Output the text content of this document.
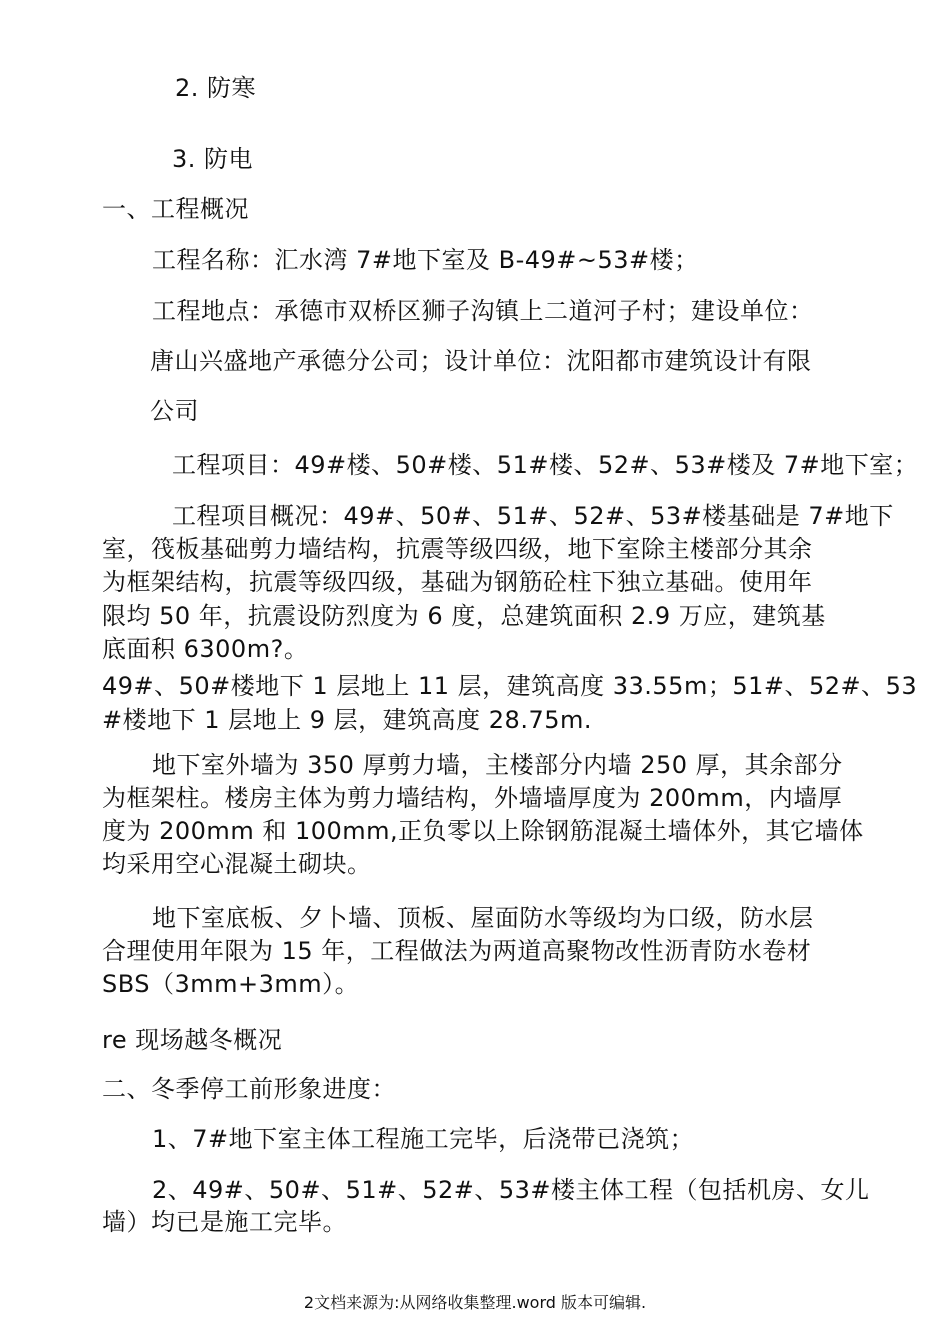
2. 防寒
3. 防电
一、工程概况
工程名称：汇水湾 7#地下室及 B-49#~53#楼；
工程地点：承德市双桥区狮子沟镇上二道河子村；建设单位：
唐山兴盛地产承德分公司；设计单位：沈阳都市建筑设计有限
公司
工程项目：49#楼、50#楼、51#楼、52#、53#楼及 7#地下室；
工程项目概况：49#、50#、51#、52#、53#楼基础是 7#地下
室，筏板基础剪力墙结构，抗震等级四级，地下室除主楼部分其余
为框架结构，抗震等级四级，基础为钢筋砼柱下独立基础。使用年
限均 50 年，抗震设防烈度为 6 度，总建筑面积 2.9 万应，建筑基
底面积 6300m?。
49#、50#楼地下 1 层地上 11 层，建筑高度 33.55m；51#、52#、53
#楼地下 1 层地上 9 层，建筑高度 28.75m.
地下室外墙为 350 厚剪力墙，主楼部分内墙 250 厚，其余部分
为框架柱。楼房主体为剪力墙结构，外墙墙厚度为 200mm，内墙厚
度为 200mm 和 100mm,正负零以上除钢筋混凝土墙体外，其它墙体
均采用空心混凝土砌块。
地下室底板、夕卜墙、顶板、屋面防水等级均为口级，防水层
合理使用年限为 15 年，工程做法为两道高聚物改性沥青防水卷材
SBS（3mm+3mm）。
re 现场越冬概况
二、冬季停工前形象进度：
1、7#地下室主体工程施工完毕，后浇带已浇筑；
2、49#、50#、51#、52#、53#楼主体工程（包括机房、女儿
墙）均已是施工完毕。
2文档来源为:从网络收集整理.word 版本可编辑.
